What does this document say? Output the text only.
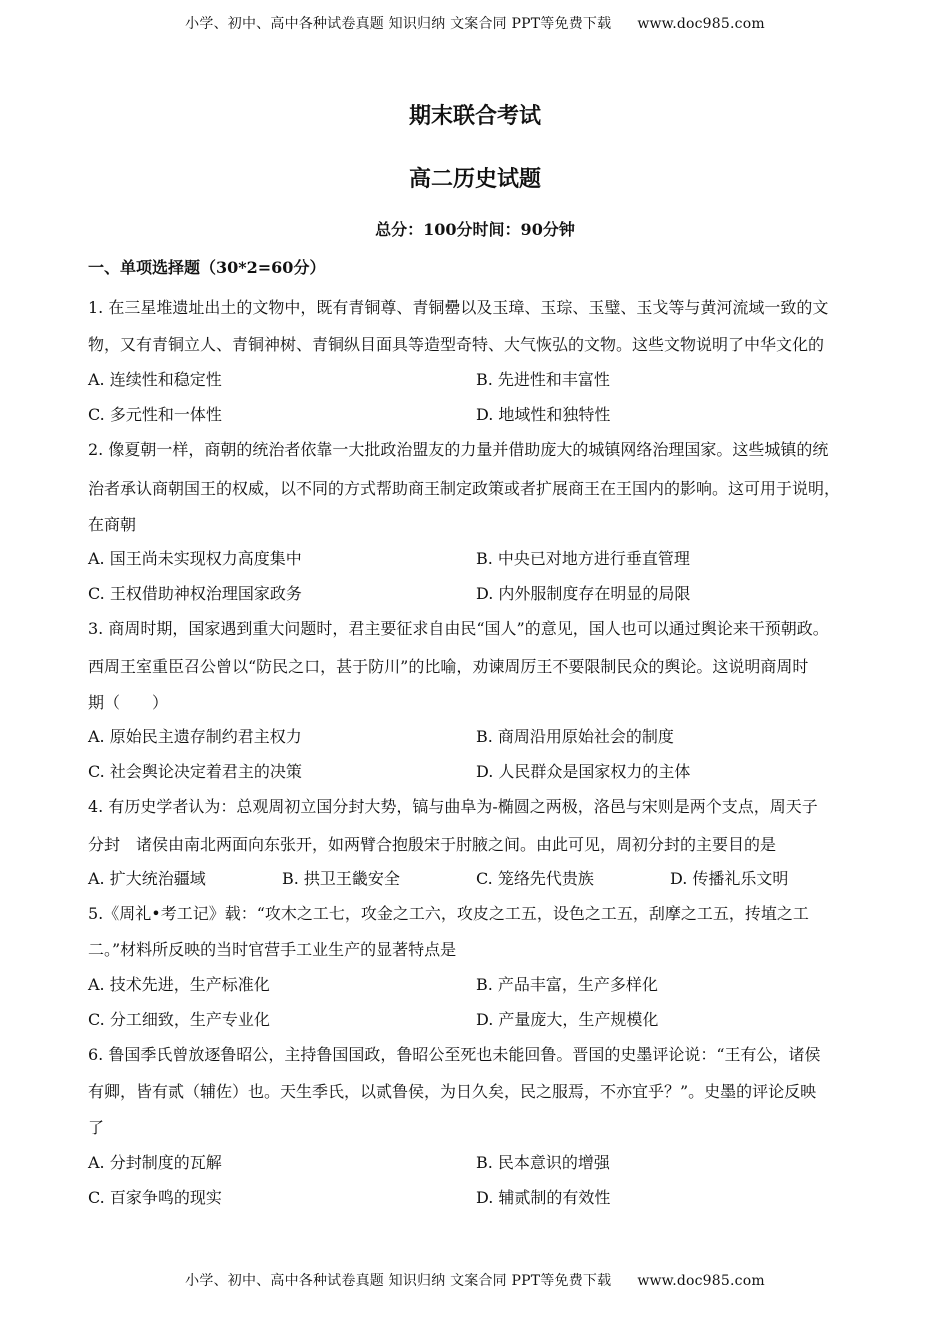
小学、初中、高中各种试卷真题 知识归纳 文案合同 PPT等免费下载 www.doc985.com
期末联合考试
高二历史试题
总分：100分时间：90分钟
一、单项选择题（30*2=60分）
1. 在三星堆遗址出土的文物中，既有青铜尊、青铜罍以及玉璋、玉琮、玉璧、玉戈等与黄河流域一致的文
物，又有青铜立人、青铜神树、青铜纵目面具等造型奇特、大气恢弘的文物。这些文物说明了中华文化的
A. 连续性和稳定性	B. 先进性和丰富性
C. 多元性和一体性	D. 地域性和独特性
2. 像夏朝一样，商朝的统治者依靠一大批政治盟友的力量并借助庞大的城镇网络治理国家。这些城镇的统
治者承认商朝国王的权威，以不同的方式帮助商王制定政策或者扩展商王在王国内的影响。这可用于说明，
在商朝
A. 国王尚未实现权力高度集中	B. 中央已对地方进行垂直管理
C. 王权借助神权治理国家政务	D. 内外服制度存在明显的局限
3. 商周时期，国家遇到重大问题时，君主要征求自由民“国人”的意见，国人也可以通过舆论来干预朝政。
西周王室重臣召公曾以“防民之口，甚于防川”的比喻，劝谏周厉王不要限制民众的舆论。这说明商周时
期（　　）
A. 原始民主遗存制约君主权力	B. 商周沿用原始社会的制度
C. 社会舆论决定着君主的决策	D. 人民群众是国家权力的主体
4. 有历史学者认为：总观周初立国分封大势，镐与曲阜为-椭圆之两极，洛邑与宋则是两个支点，周天子
分封　诸侯由南北两面向东张开，如两臂合抱殷宋于肘腋之间。由此可见，周初分封的主要目的是
A. 扩大统治疆域	B. 拱卫王畿安全	C. 笼络先代贵族	D. 传播礼乐文明
5.《周礼•考工记》载：“攻木之工七，攻金之工六，攻皮之工五，设色之工五，刮摩之工五，抟埴之工
二。”材料所反映的当时官营手工业生产的显著特点是
A. 技术先进，生产标准化	B. 产品丰富，生产多样化
C. 分工细致，生产专业化	D. 产量庞大，生产规模化
6. 鲁国季氏曾放逐鲁昭公，主持鲁国国政，鲁昭公至死也未能回鲁。晋国的史墨评论说：“王有公，诸侯
有卿，皆有贰（辅佐）也。天生季氏，以贰鲁侯，为日久矣，民之服焉，不亦宜乎？”。史墨的评论反映
了
A. 分封制度的瓦解	B. 民本意识的增强
C. 百家争鸣的现实	D. 辅贰制的有效性
小学、初中、高中各种试卷真题 知识归纳 文案合同 PPT等免费下载 www.doc985.com
